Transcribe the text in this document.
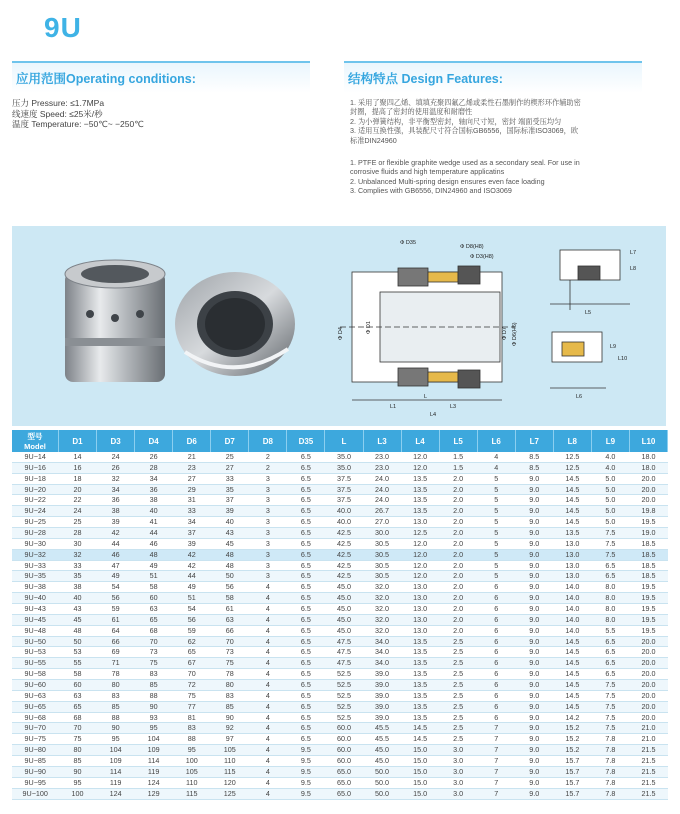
9U
应用范围Operating conditions:	结构特点 Design Features:
压力 Pressure: ≤1.7MPa
线速度 Speed: ≤25米/秒
温度 Temperature: −50℃~ −250℃
1. 采用了聚四乙烯、填填充聚四氟乙烯或柔性石墨制作的楔形环作辅助密
封圈，提高了密封的使用温度和耐磨性
2. 为小弹簧结构，非平衡型密封，轴向尺寸短，密封 端面受压均匀
3. 适用互换性强，具装配尺寸符合国标GB6556，国际标准ISO3069，欧
标准DIN24960
1. PTFE or flexible graphite wedge used as a secondary seal. For use in
corrosive fluids and high temperature applicatins
2. Unbalanced Multi-spring design ensures even face loading
3. Complies with GB6556, DIN24960 and ISO3069
Φ D35
Φ D8(H8)
Φ D3(H8)
Φ D4	Φ D1	Φ D7 Φ D6(H6)
L
L1	L3
L4
L5
L6
L7
L8
L9
L10
型号
Model	D1	D3	D4	D6	D7	D8	D35	L	L3	L4	L5	L6	L7	L8	L9	L10
9U−14	14	24	26	21	25	2	6.5	35.0	23.0	12.0	1.5	4	8.5	12.5	4.0	18.0
9U−16	16	26	28	23	27	2	6.5	35.0	23.0	12.0	1.5	4	8.5	12.5	4.0	18.0
9U−18	18	32	34	27	33	3	6.5	37.5	24.0	13.5	2.0	5	9.0	14.5	5.0	20.0
9U−20	20	34	36	29	35	3	6.5	37.5	24.0	13.5	2.0	5	9.0	14.5	5.0	20.0
9U−22	22	36	38	31	37	3	6.5	37.5	24.0	13.5	2.0	5	9.0	14.5	5.0	20.0
9U−24	24	38	40	33	39	3	6.5	40.0	26.7	13.5	2.0	5	9.0	14.5	5.0	19.8
9U−25	25	39	41	34	40	3	6.5	40.0	27.0	13.0	2.0	5	9.0	14.5	5.0	19.5
9U−28	28	42	44	37	43	3	6.5	42.5	30.0	12.5	2.0	5	9.0	13.5	7.5	19.0
9U−30	30	44	46	39	45	3	6.5	42.5	30.5	12.0	2.0	5	9.0	13.0	7.5	18.5
9U−32	32	46	48	42	48	3	6.5	42.5	30.5	12.0	2.0	5	9.0	13.0	7.5	18.5
9U−33	33	47	49	42	48	3	6.5	42.5	30.5	12.0	2.0	5	9.0	13.0	6.5	18.5
9U−35	35	49	51	44	50	3	6.5	42.5	30.5	12.0	2.0	5	9.0	13.0	6.5	18.5
9U−38	38	54	58	49	56	4	6.5	45.0	32.0	13.0	2.0	6	9.0	14.0	8.0	19.5
9U−40	40	56	60	51	58	4	6.5	45.0	32.0	13.0	2.0	6	9.0	14.0	8.0	19.5
9U−43	43	59	63	54	61	4	6.5	45.0	32.0	13.0	2.0	6	9.0	14.0	8.0	19.5
9U−45	45	61	65	56	63	4	6.5	45.0	32.0	13.0	2.0	6	9.0	14.0	8.0	19.5
9U−48	48	64	68	59	66	4	6.5	45.0	32.0	13.0	2.0	6	9.0	14.0	5.5	19.5
9U−50	50	66	70	62	70	4	6.5	47.5	34.0	13.5	2.5	6	9.0	14.5	6.5	20.0
9U−53	53	69	73	65	73	4	6.5	47.5	34.0	13.5	2.5	6	9.0	14.5	6.5	20.0
9U−55	55	71	75	67	75	4	6.5	47.5	34.0	13.5	2.5	6	9.0	14.5	6.5	20.0
9U−58	58	78	83	70	78	4	6.5	52.5	39.0	13.5	2.5	6	9.0	14.5	6.5	20.0
9U−60	60	80	85	72	80	4	6.5	52.5	39.0	13.5	2.5	6	9.0	14.5	7.5	20.0
9U−63	63	83	88	75	83	4	6.5	52.5	39.0	13.5	2.5	6	9.0	14.5	7.5	20.0
9U−65	65	85	90	77	85	4	6.5	52.5	39.0	13.5	2.5	6	9.0	14.5	7.5	20.0
9U−68	68	88	93	81	90	4	6.5	52.5	39.0	13.5	2.5	6	9.0	14.2	7.5	20.0
9U−70	70	90	95	83	92	4	6.5	60.0	45.5	14.5	2.5	7	9.0	15.2	7.5	21.0
9U−75	75	95	104	88	97	4	6.5	60.0	45.5	14.5	2.5	7	9.0	15.2	7.8	21.0
9U−80	80	104	109	95	105	4	9.5	60.0	45.0	15.0	3.0	7	9.0	15.2	7.8	21.5
9U−85	85	109	114	100	110	4	9.5	60.0	45.0	15.0	3.0	7	9.0	15.7	7.8	21.5
9U−90	90	114	119	105	115	4	9.5	65.0	50.0	15.0	3.0	7	9.0	15.7	7.8	21.5
9U−95	95	119	124	110	120	4	9.5	65.0	50.0	15.0	3.0	7	9.0	15.7	7.8	21.5
9U−100	100	124	129	115	125	4	9.5	65.0	50.0	15.0	3.0	7	9.0	15.7	7.8	21.5
